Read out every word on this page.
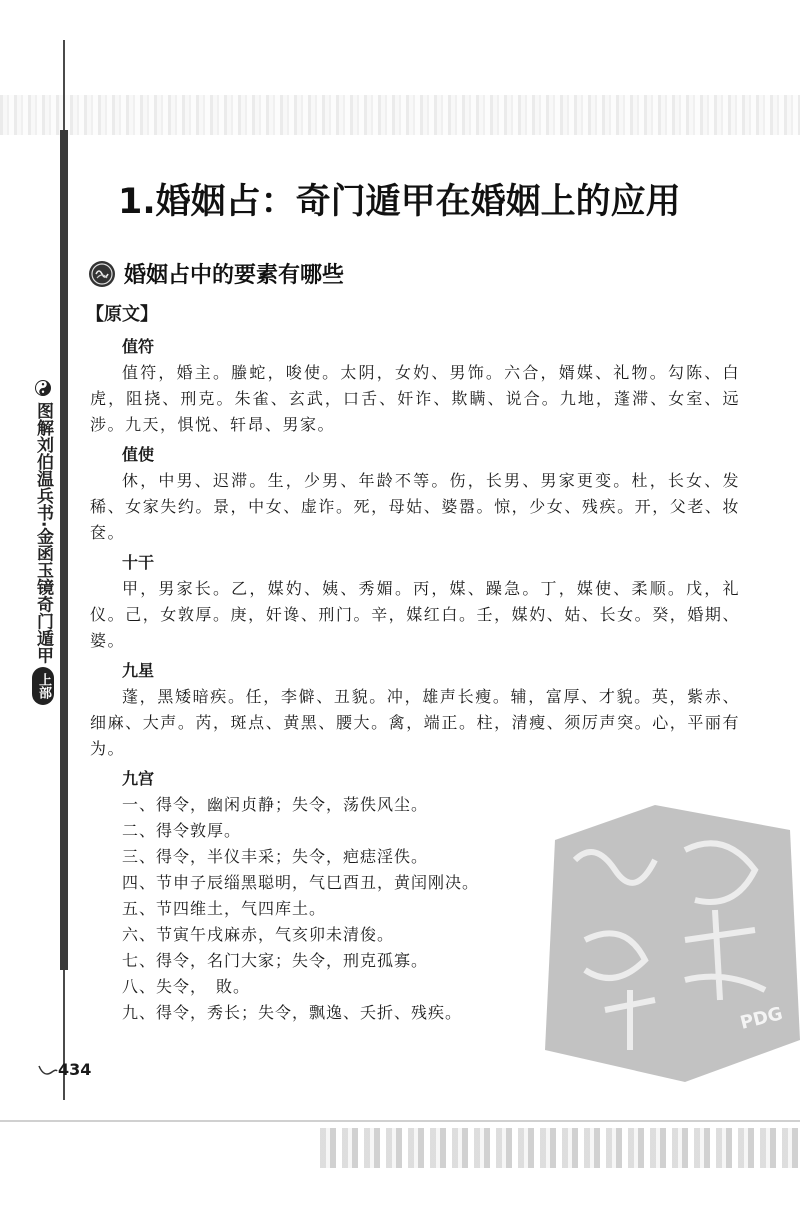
图解刘伯温兵书·金函玉镜奇门遁甲
上部
1.婚姻占：奇门遁甲在婚姻上的应用
婚姻占中的要素有哪些
【原文】
值符
值符，婚主。螣蛇，唆使。太阴，女妁、男饰。六合，婿媒、礼物。勾陈、白虎，阻挠、刑克。朱雀、玄武，口舌、奸诈、欺瞒、说合。九地，蓬滞、女室、远涉。九天，惧悦、轩昂、男家。
值使
休，中男、迟滞。生，少男、年龄不等。伤，长男、男家更变。杜，长女、发稀、女家失约。景，中女、虚诈。死，母姑、婆嚣。惊，少女、残疾。开，父老、妆奁。
十干
甲，男家长。乙，媒妁、姨、秀媚。丙，媒、躁急。丁，媒使、柔顺。戊，礼仪。己，女敦厚。庚，奸谗、刑门。辛，媒红白。壬，媒妁、姑、长女。癸，婚期、婆。
九星
蓬，黑矮暗疾。任，李僻、丑貌。冲，雄声长瘦。辅，富厚、才貌。英，紫赤、细麻、大声。芮，斑点、黄黑、腰大。禽，端正。柱，清瘦、须厉声突。心，平丽有为。
九宫
一、得令，幽闲贞静；失令，荡佚风尘。
二、得令敦厚。
三、得令，半仪丰采；失令，疤痣淫佚。
四、节申子辰缁黑聪明，气巳酉丑，黄闰刚决。
五、节四维土，气四库土。
六、节寅午戌麻赤，气亥卯未清俊。
七、得令，名门大家；失令，刑克孤寡。
八、失令，　敗。
九、得令，秀长；失令，飘逸、夭折、残疾。	PDG
434
